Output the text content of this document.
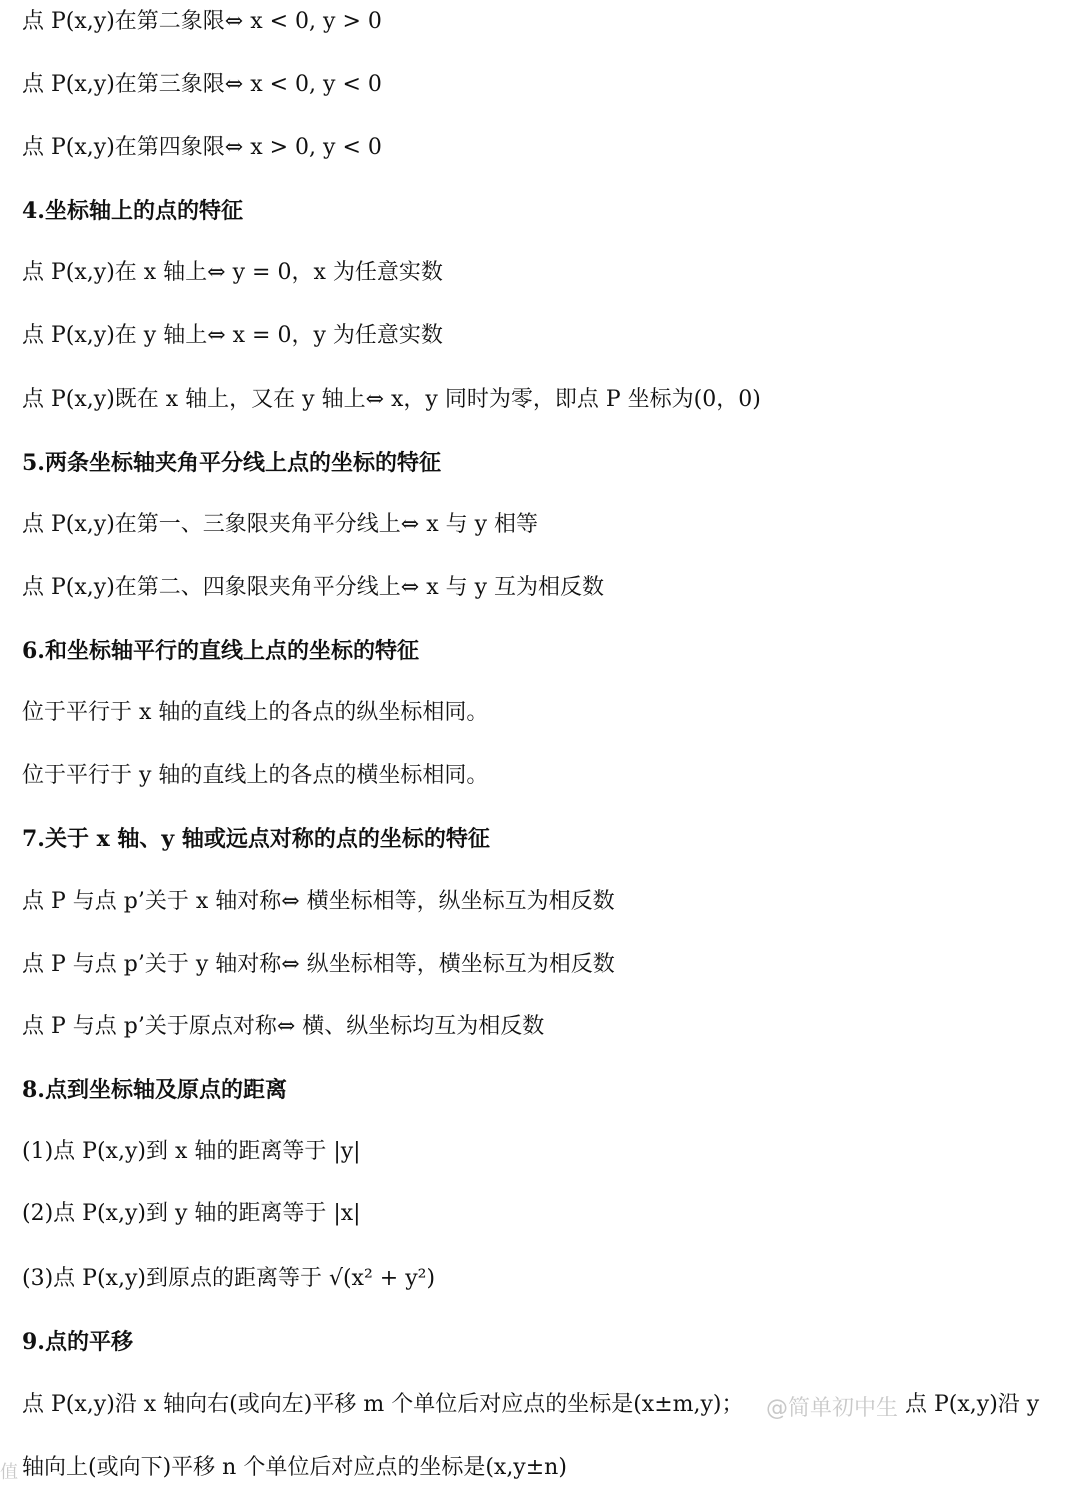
点 P(x,y)在第二象限⇔ x < 0, y > 0
点 P(x,y)在第三象限⇔ x < 0, y < 0
点 P(x,y)在第四象限⇔ x > 0, y < 0
4.坐标轴上的点的特征
点 P(x,y)在 x 轴上⇔ y = 0，x 为任意实数
点 P(x,y)在 y 轴上⇔ x = 0，y 为任意实数
点 P(x,y)既在 x 轴上，又在 y 轴上⇔ x，y 同时为零，即点 P 坐标为(0，0)
5.两条坐标轴夹角平分线上点的坐标的特征
点 P(x,y)在第一、三象限夹角平分线上⇔ x 与 y 相等
点 P(x,y)在第二、四象限夹角平分线上⇔ x 与 y 互为相反数
6.和坐标轴平行的直线上点的坐标的特征
位于平行于 x 轴的直线上的各点的纵坐标相同。
位于平行于 y 轴的直线上的各点的横坐标相同。
7.关于 x 轴、y 轴或远点对称的点的坐标的特征
点 P 与点 p’关于 x 轴对称⇔ 横坐标相等，纵坐标互为相反数
点 P 与点 p’关于 y 轴对称⇔ 纵坐标相等，横坐标互为相反数
点 P 与点 p’关于原点对称⇔ 横、纵坐标均互为相反数
8.点到坐标轴及原点的距离
(1)点 P(x,y)到 x 轴的距离等于 |y|
(2)点 P(x,y)到 y 轴的距离等于 |x|
(3)点 P(x,y)到原点的距离等于 √(x² + y²)
9.点的平移
点 P(x,y)沿 x 轴向右(或向左)平移 m 个单位后对应点的坐标是(x±m,y)； @简单初中生 点 P(x,y)沿 y
轴向上(或向下)平移 n 个单位后对应点的坐标是(x,y±n)
值
